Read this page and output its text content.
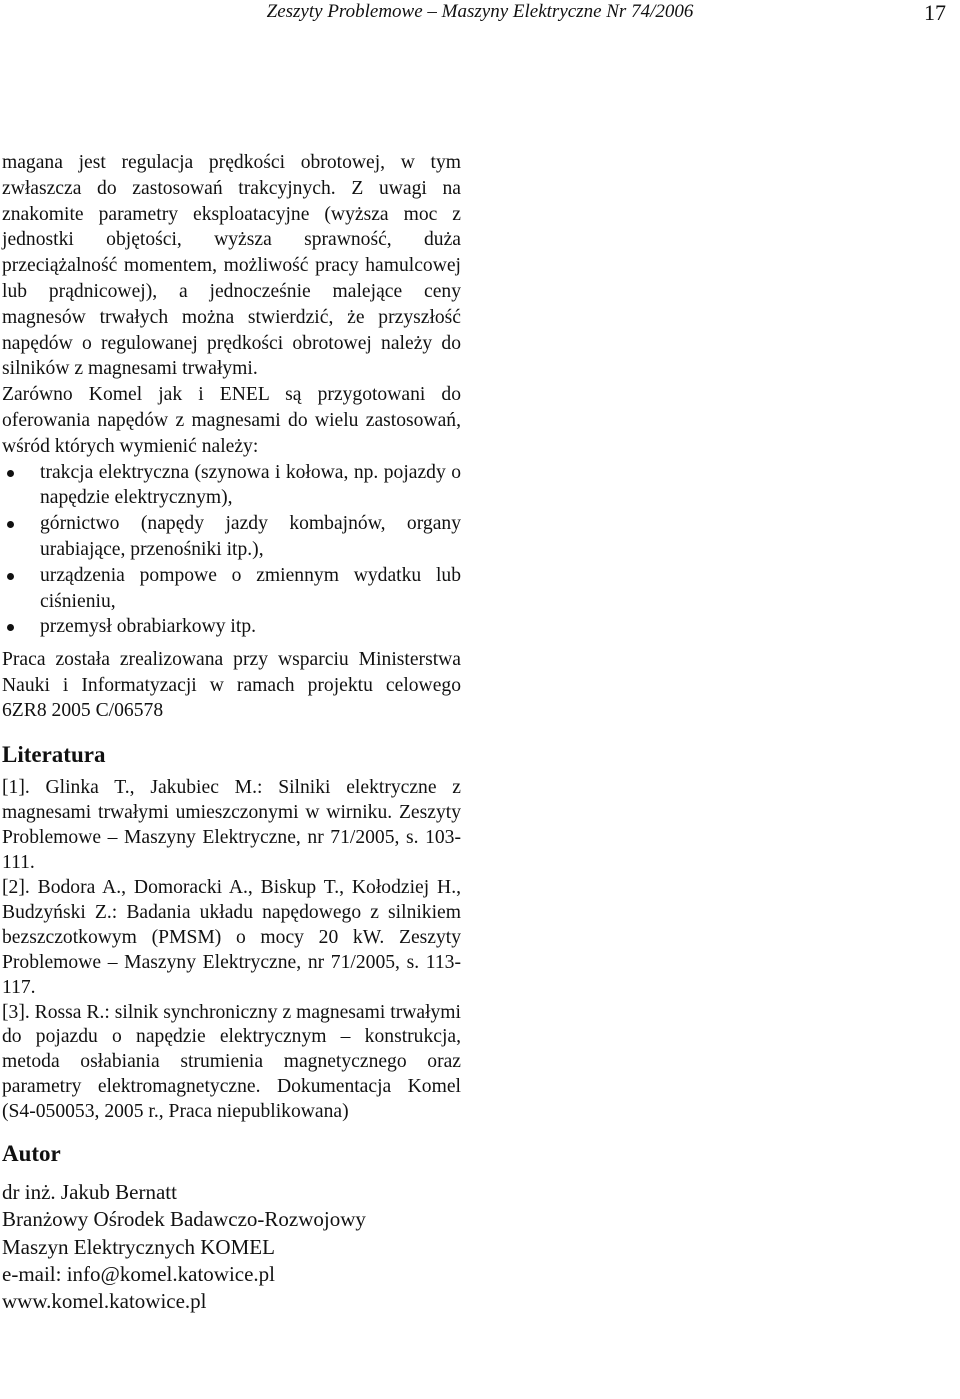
Zeszyty Problemowe – Maszyny Elektryczne Nr 74/2006	17

magana jest regulacja prędkości obrotowej, w tym zwłaszcza do zastosowań trakcyjnych. Z uwagi na znakomite parametry eksploatacyjne (wyższa moc z jednostki objętości, wyższa sprawność, duża przeciążalność momentem, możliwość pracy hamulcowej lub prądnicowej), a jednocześnie malejące ceny magnesów trwałych można stwierdzić, że przyszłość napędów o regulowanej prędkości obrotowej należy do silników z magnesami trwałymi.

Zarówno Komel jak i ENEL są przygotowani do oferowania napędów z magnesami do wielu zastosowań, wśród których wymienić należy:

trakcja elektryczna (szynowa i kołowa, np. pojazdy o napędzie elektrycznym),
górnictwo (napędy jazdy kombajnów, organy urabiające, przenośniki itp.),
urządzenia pompowe o zmiennym wydatku lub ciśnieniu,
przemysł obrabiarkowy itp.

Praca została zrealizowana przy wsparciu Ministerstwa Nauki i Informatyzacji w ramach projektu celowego 6ZR8 2005 C/06578

Literatura

[1]. Glinka T., Jakubiec M.: Silniki elektryczne z magnesami trwałymi umieszczonymi w wirniku. Zeszyty Problemowe – Maszyny Elektryczne, nr 71/2005, s. 103-111.

[2]. Bodora A., Domoracki A., Biskup T., Kołodziej H., Budzyński Z.: Badania układu napędowego z silnikiem bezszczotkowym (PMSM) o mocy 20 kW. Zeszyty Problemowe – Maszyny Elektryczne, nr 71/2005, s. 113-117.

[3]. Rossa R.: silnik synchroniczny z magnesami trwałymi do pojazdu o napędzie elektrycznym – konstrukcja, metoda osłabiania strumienia magnetycznego oraz parametry elektromagnetyczne. Dokumentacja Komel (S4-050053, 2005 r., Praca niepublikowana)

Autor
dr inż. Jakub Bernatt
Branżowy Ośrodek Badawczo-Rozwojowy
Maszyn Elektrycznych KOMEL
e-mail: info@komel.katowice.pl
www.komel.katowice.pl
